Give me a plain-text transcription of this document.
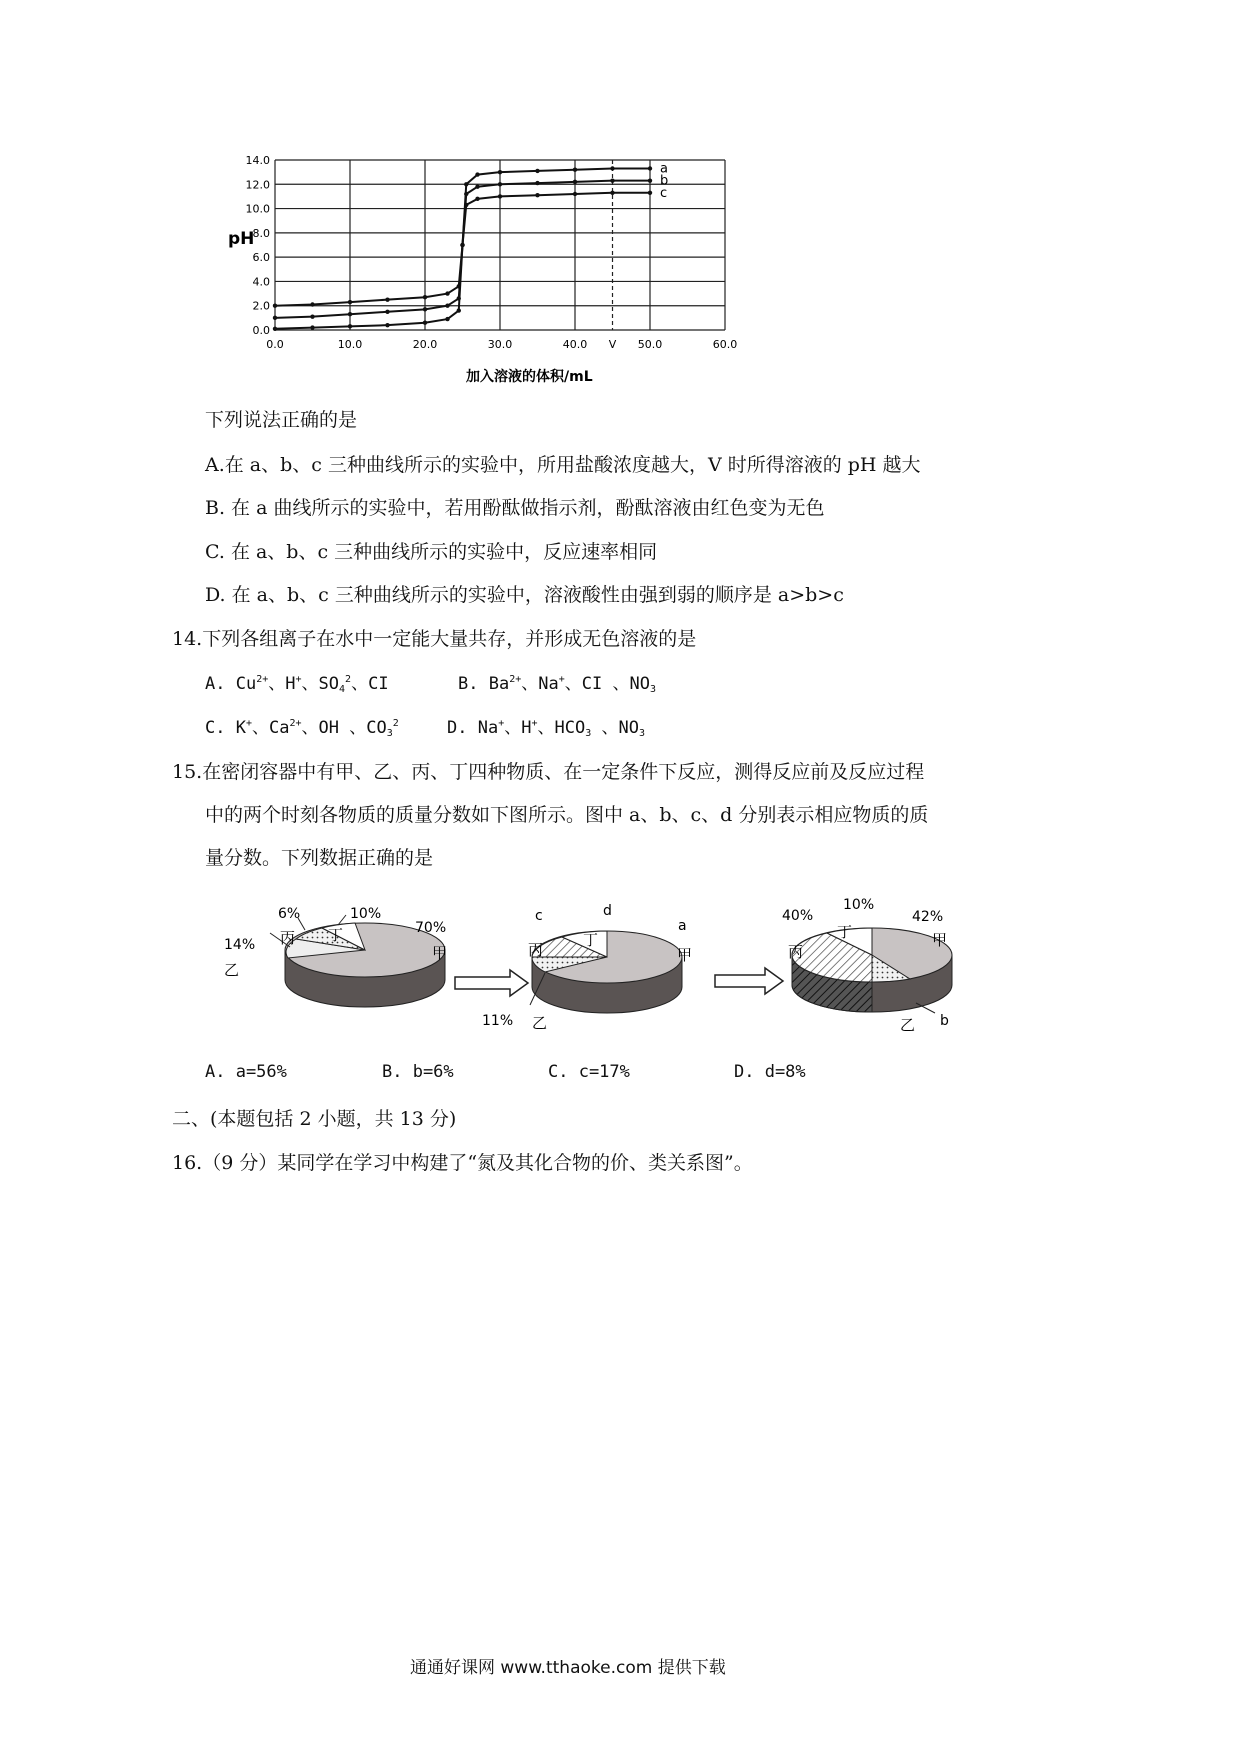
a
b
c
0.0
2.0
4.0
6.0
8.0
10.0
12.0
14.0
0.0	10.0	20.0	30.0	40.0	50.0	60.0
V
pH
加入溶液的体积/mL
下列说法正确的是
A.在 a、b、c 三种曲线所示的实验中，所用盐酸浓度越大，V 时所得溶液的 pH 越大
B. 在 a 曲线所示的实验中，若用酚酞做指示剂，酚酞溶液由红色变为无色
C. 在 a、b、c 三种曲线所示的实验中，反应速率相同
D. 在 a、b、c 三种曲线所示的实验中，溶液酸性由强到弱的顺序是 a>b>c
14.下列各组离子在水中一定能大量共存，并形成无色溶液的是
A. $Cu^{2+}$、H+、$SO_4^2$、CI	B. $Ba^{2+}$、Na+、CI 、$NO_3$
C. K+、$Ca^{2+}$、OH 、$CO_3^2$	D. Na+、H+、$HCO_3$ 、$NO_3$
15.在密闭容器中有甲、乙、丙、丁四种物质、在一定条件下反应，测得反应前及反应过程
中的两个时刻各物质的质量分数如下图所示。图中 a、b、c、d 分别表示相应物质的质
量分数。下列数据正确的是
14%
乙
6%
丙
10%
丁	70%
甲
c	d
丙
丁
a
甲
11% 乙
40%
丙
10%
丁
42%
甲
乙 b
A. a=56%	B. b=6%	C. c=17%	D. d=8%
二、(本题包括 2 小题，共 13 分)
16.（9 分）某同学在学习中构建了“氮及其化合物的价、类关系图”。
通通好课网 www.tthaoke.com 提供下载
